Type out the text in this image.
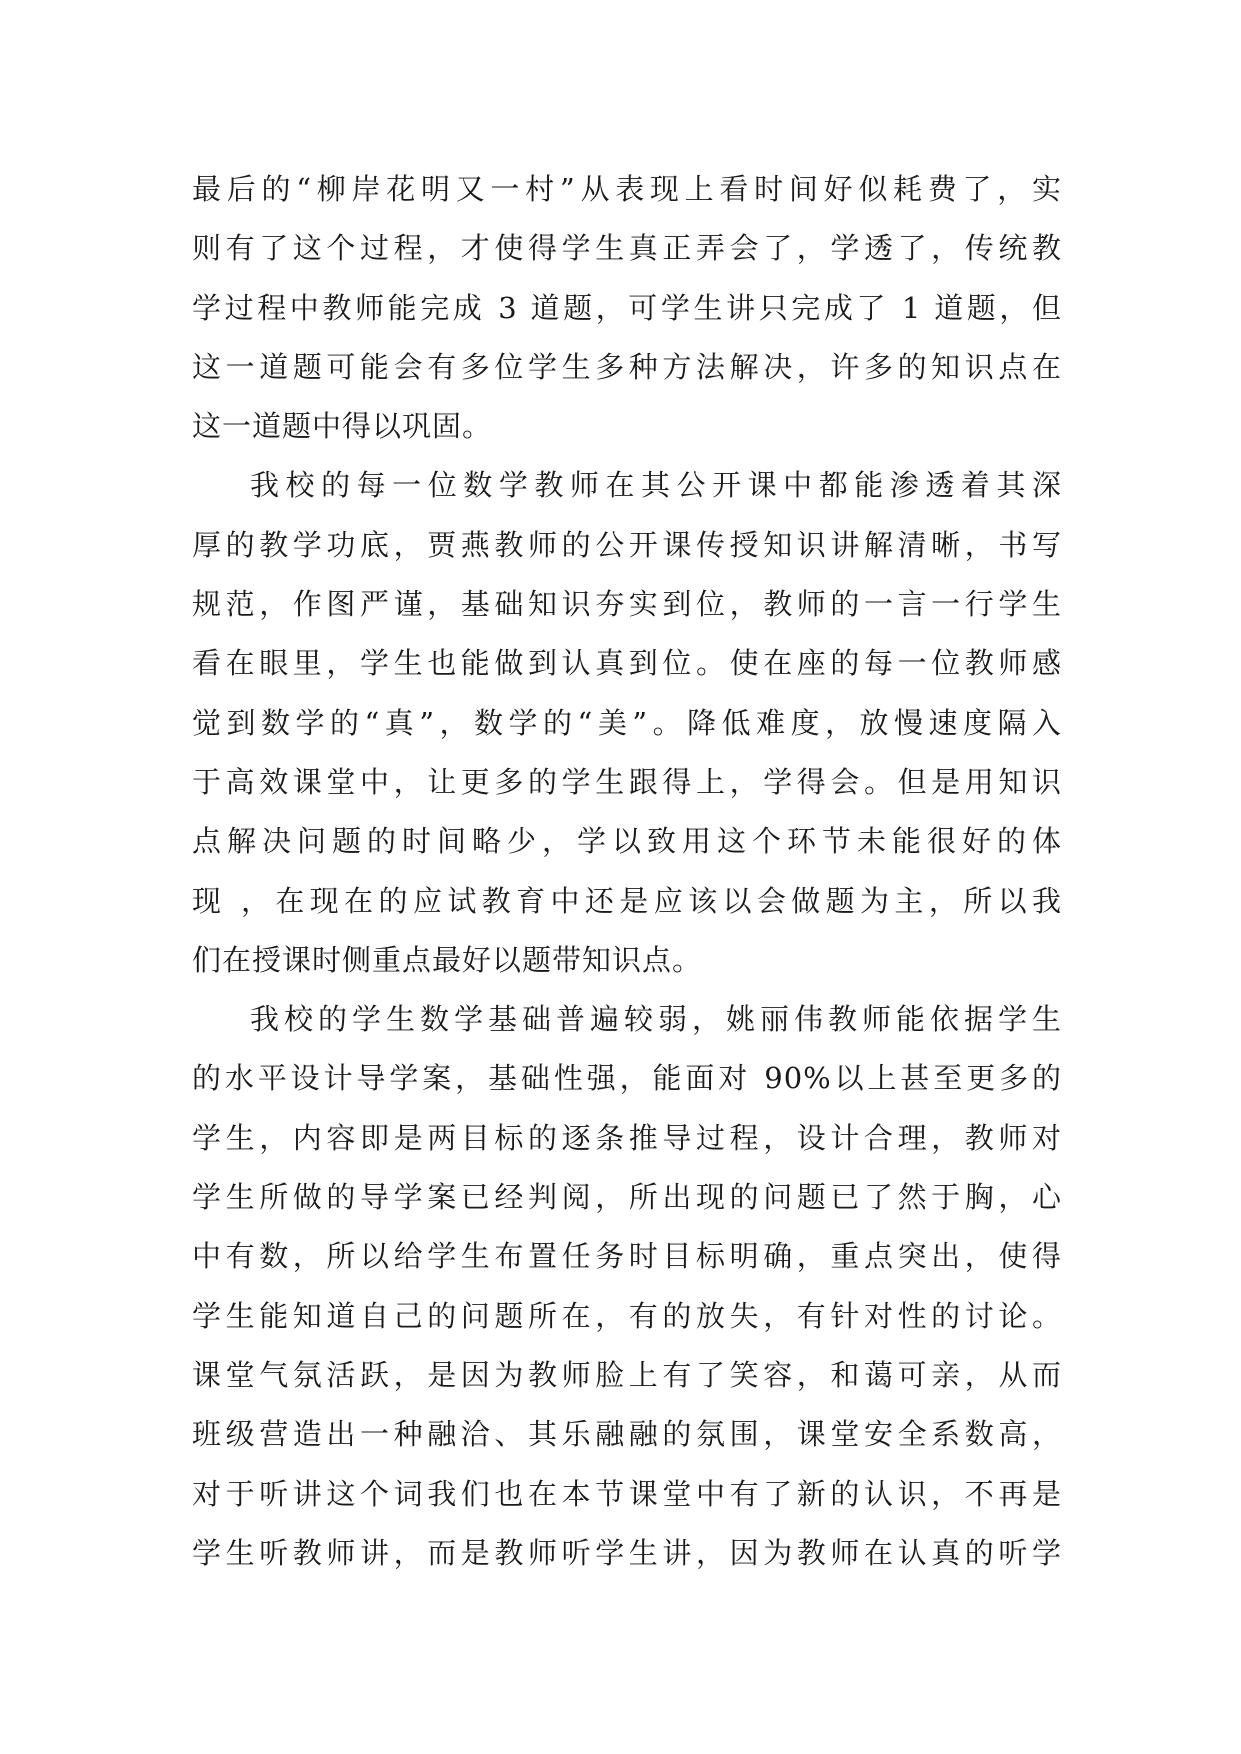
最后的“柳岸花明又一村”从表现上看时间好似耗费了，实
则有了这个过程，才使得学生真正弄会了，学透了，传统教
学过程中教师能完成 3 道题，可学生讲只完成了 1 道题，但
这一道题可能会有多位学生多种方法解决，许多的知识点在
这一道题中得以巩固。
我校的每一位数学教师在其公开课中都能渗透着其深
厚的教学功底，贾燕教师的公开课传授知识讲解清晰，书写
规范，作图严谨，基础知识夯实到位，教师的一言一行学生
看在眼里，学生也能做到认真到位。使在座的每一位教师感
觉到数学的“真”，数学的“美”。降低难度，放慢速度隔入
于高效课堂中，让更多的学生跟得上，学得会。但是用知识
点解决问题的时间略少，学以致用这个环节未能很好的体
现 ，在现在的应试教育中还是应该以会做题为主，所以我
们在授课时侧重点最好以题带知识点。
我校的学生数学基础普遍较弱，姚丽伟教师能依据学生
的水平设计导学案，基础性强，能面对 90%以上甚至更多的
学生，内容即是两目标的逐条推导过程，设计合理，教师对
学生所做的导学案已经判阅，所出现的问题已了然于胸，心
中有数，所以给学生布置任务时目标明确，重点突出，使得
学生能知道自己的问题所在，有的放失，有针对性的讨论。
课堂气氛活跃，是因为教师脸上有了笑容，和蔼可亲，从而
班级营造出一种融洽、其乐融融的氛围，课堂安全系数高，
对于听讲这个词我们也在本节课堂中有了新的认识，不再是
学生听教师讲，而是教师听学生讲，因为教师在认真的听学
